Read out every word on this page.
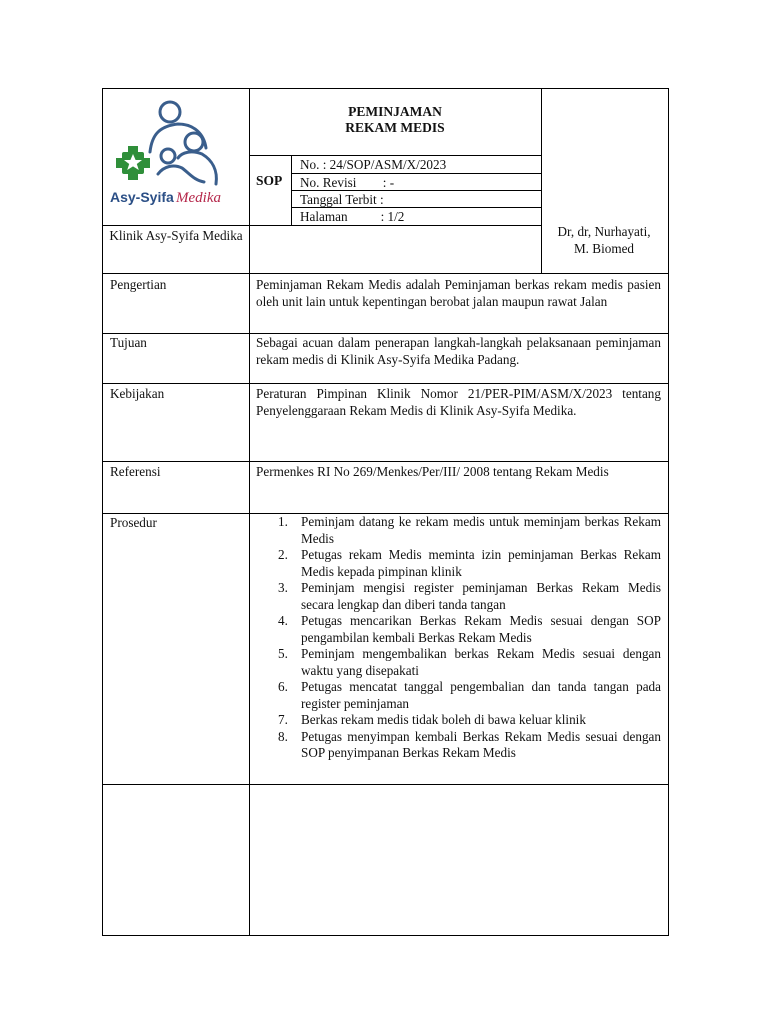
Asy-Syifa Medika
PEMINJAMAN
REKAM MEDIS
SOP
No. : 24/SOP/ASM/X/2023
No. Revisi        : -
Tanggal Terbit :
Halaman          : 1/2
Klinik Asy-Syifa Medika	Dr, dr, Nurhayati,
M. Biomed
Pengertian	Peminjaman Rekam Medis adalah Peminjaman berkas rekam medis pasien oleh unit lain untuk kepentingan berobat jalan maupun rawat Jalan
Tujuan	Sebagai acuan dalam penerapan langkah-langkah pelaksanaan peminjaman rekam medis di Klinik Asy-Syifa Medika Padang.
Kebijakan	Peraturan Pimpinan Klinik Nomor 21/PER-PIM/ASM/X/2023 tentang Penyelenggaraan Rekam Medis di Klinik Asy-Syifa Medika.
Referensi	Permenkes RI No 269/Menkes/Per/III/ 2008 tentang Rekam Medis
Prosedur	1. Peminjam datang ke rekam medis untuk meminjam berkas Rekam Medis
2. Petugas rekam Medis meminta izin peminjaman Berkas Rekam Medis kepada pimpinan klinik
3. Peminjam mengisi register peminjaman Berkas Rekam Medis secara lengkap dan diberi tanda tangan
4. Petugas mencarikan Berkas Rekam Medis sesuai dengan SOP pengambilan kembali Berkas Rekam Medis
5. Peminjam mengembalikan berkas Rekam Medis sesuai dengan waktu yang disepakati
6. Petugas mencatat tanggal pengembalian dan tanda tangan pada register peminjaman
7. Berkas rekam medis tidak boleh di bawa keluar klinik
8. Petugas menyimpan kembali Berkas Rekam Medis sesuai dengan SOP penyimpanan Berkas Rekam Medis
